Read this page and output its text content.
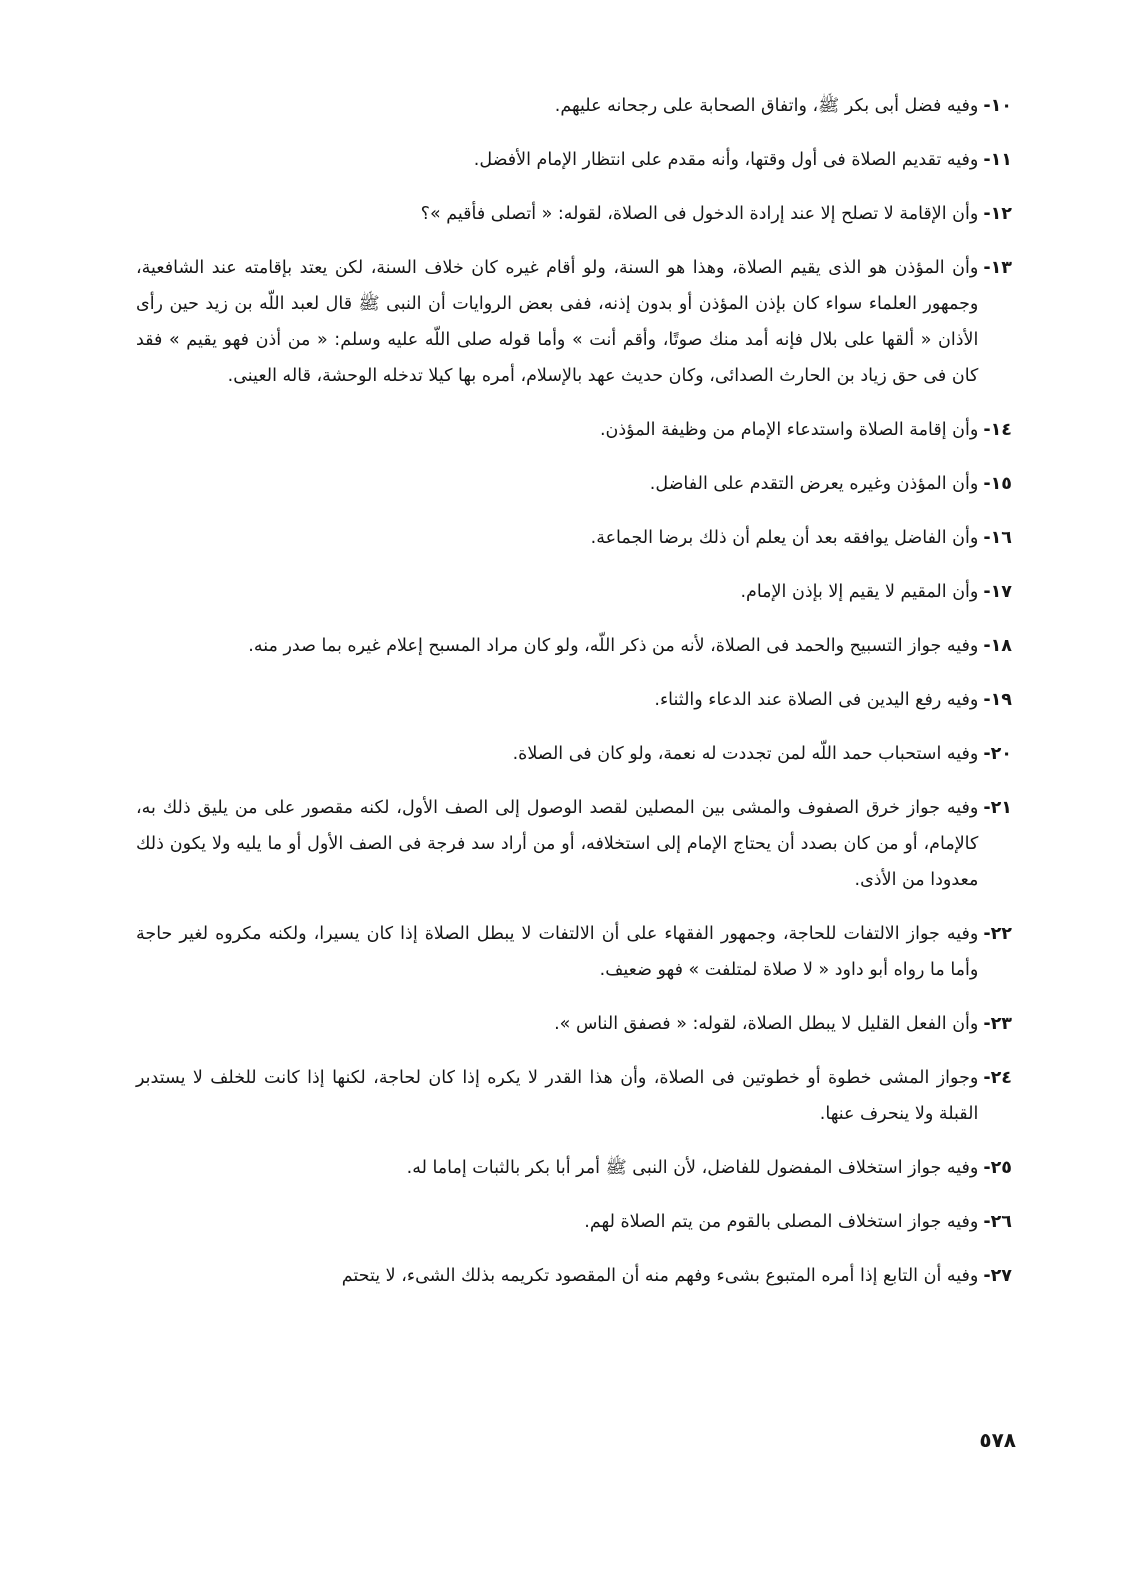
١٠-
وفيه فضل أبى بكر ﷺ، واتفاق الصحابة على رجحانه عليهم.
١١-
وفيه تقديم الصلاة فى أول وقتها، وأنه مقدم على انتظار الإمام الأفضل.
١٢-
وأن الإقامة لا تصلح إلا عند إرادة الدخول فى الصلاة، لقوله: « أتصلى فأقيم »؟
١٣-
وأن المؤذن هو الذى يقيم الصلاة، وهذا هو السنة، ولو أقام غيره كان خلاف السنة، لكن يعتد بإقامته عند الشافعية، وجمهور العلماء سواء كان بإذن المؤذن أو بدون إذنه، ففى بعض الروايات أن النبى ﷺ قال لعبد اللّه بن زيد حين رأى الأذان « ألقها على بلال فإنه أمد منك صوتًا، وأقم أنت » وأما قوله صلى اللّه عليه وسلم: « من أذن فهو يقيم » فقد كان فى حق زياد بن الحارث الصدائى، وكان حديث عهد بالإسلام، أمره بها كيلا تدخله الوحشة، قاله العينى.
١٤-
وأن إقامة الصلاة واستدعاء الإمام من وظيفة المؤذن.
١٥-
وأن المؤذن وغيره يعرض التقدم على الفاضل.
١٦-
وأن الفاضل يوافقه بعد أن يعلم أن ذلك برضا الجماعة.
١٧-
وأن المقيم لا يقيم إلا بإذن الإمام.
١٨-
وفيه جواز التسبيح والحمد فى الصلاة، لأنه من ذكر اللّه، ولو كان مراد المسبح إعلام غيره بما صدر منه.
١٩-
وفيه رفع اليدين فى الصلاة عند الدعاء والثناء.
٢٠-
وفيه استحباب حمد اللّه لمن تجددت له نعمة، ولو كان فى الصلاة.
٢١-
وفيه جواز خرق الصفوف والمشى بين المصلين لقصد الوصول إلى الصف الأول، لكنه مقصور على من يليق ذلك به، كالإمام، أو من كان بصدد أن يحتاج الإمام إلى استخلافه، أو من أراد سد فرجة فى الصف الأول أو ما يليه ولا يكون ذلك معدودا من الأذى.
٢٢-
وفيه جواز الالتفات للحاجة، وجمهور الفقهاء على أن الالتفات لا يبطل الصلاة إذا كان يسيرا، ولكنه مكروه لغير حاجة وأما ما رواه أبو داود « لا صلاة لمتلفت » فهو ضعيف.
٢٣-
وأن الفعل القليل لا يبطل الصلاة، لقوله: « فصفق الناس ».
٢٤-
وجواز المشى خطوة أو خطوتين فى الصلاة، وأن هذا القدر لا يكره إذا كان لحاجة، لكنها إذا كانت للخلف لا يستدبر القبلة ولا ينحرف عنها.
٢٥-
وفيه جواز استخلاف المفضول للفاضل، لأن النبى ﷺ أمر أبا بكر بالثبات إماما له.
٢٦-
وفيه جواز استخلاف المصلى بالقوم من يتم الصلاة لهم.
٢٧-
وفيه أن التابع إذا أمره المتبوع بشىء وفهم منه أن المقصود تكريمه بذلك الشىء، لا يتحتم
٥٧٨
